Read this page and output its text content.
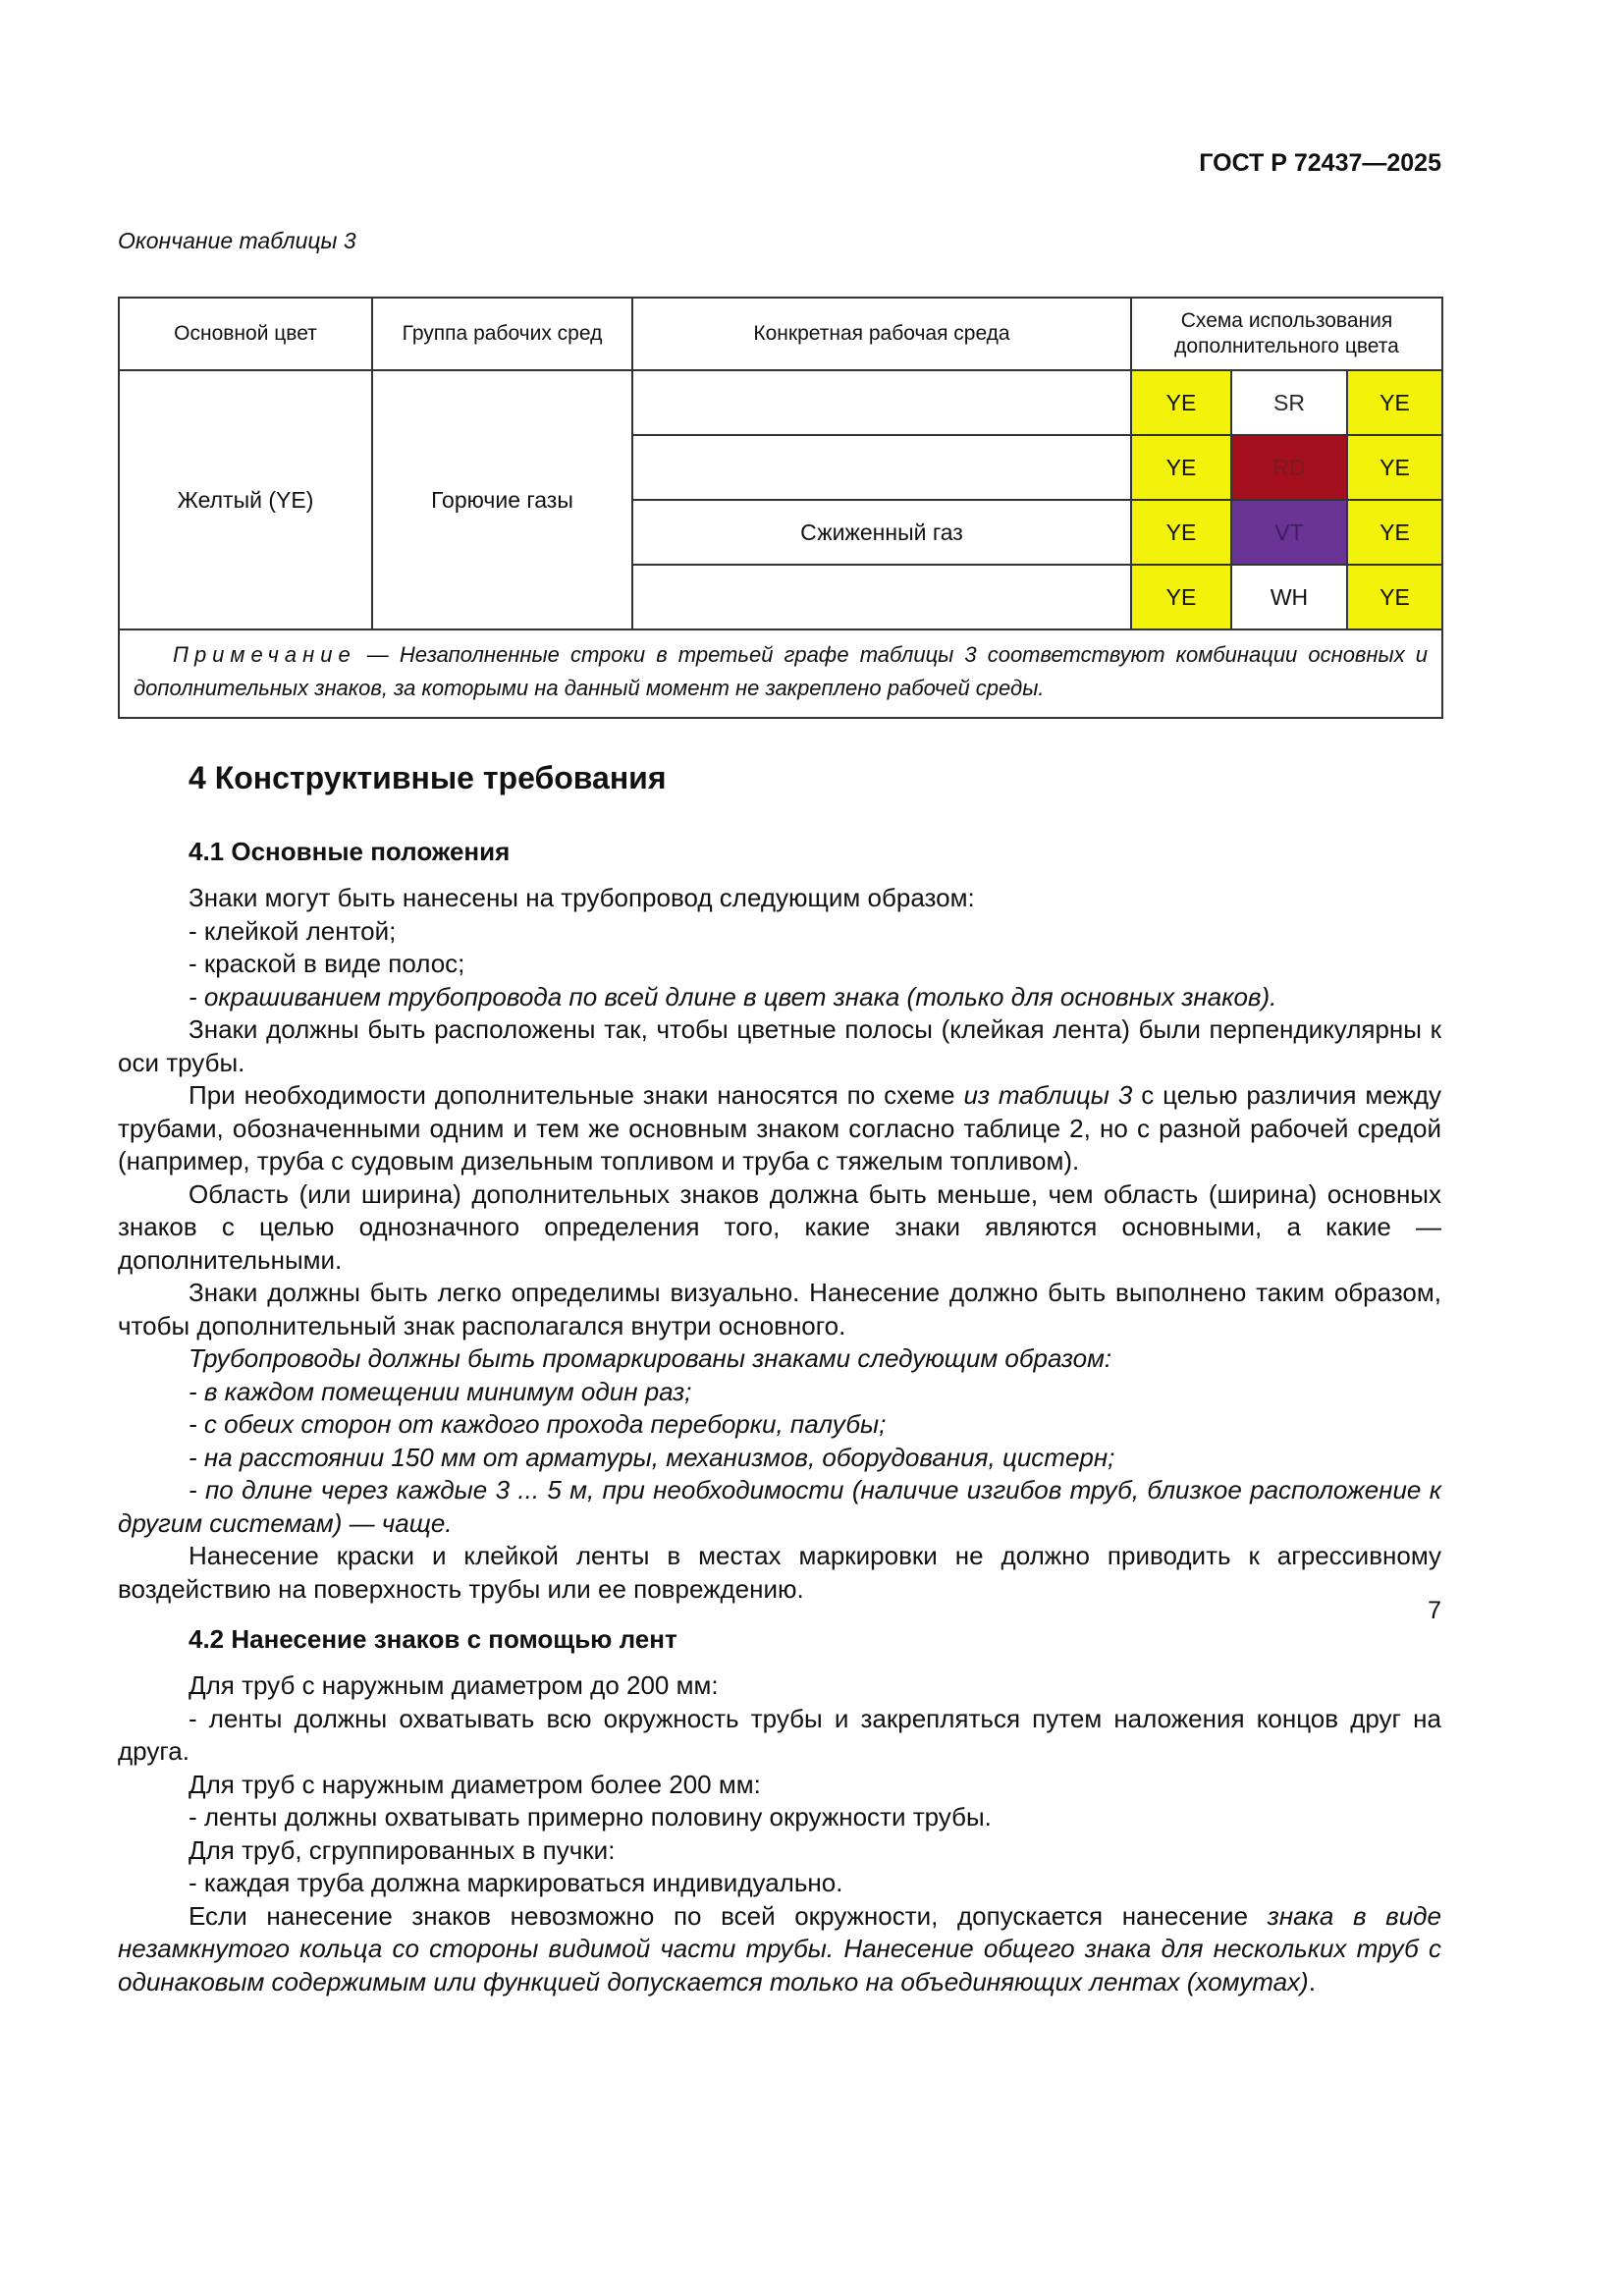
ГОСТ Р 72437—2025
Окончание таблицы 3
Основной цвет	Группа рабочих сред	Конкретная рабочая среда	Схема использования дополнительного цвета		
Желтый (YE)	Горючие газы		YE	SR	YE
			YE	RD	YE
		Сжиженный газ	YE	VT	YE
			YE	WH	YE
Примечание — Незаполненные строки в третьей графе таблицы 3 соответствуют комбинации основных и дополнительных знаков, за которыми на данный момент не закреплено рабочей среды.					
4 Конструктивные требования
4.1 Основные положения

Знаки могут быть нанесены на трубопровод следующим образом:

- клейкой лентой;

- краской в виде полос;

- окрашиванием трубопровода по всей длине в цвет знака (только для основных знаков).

Знаки должны быть расположены так, чтобы цветные полосы (клейкая лента) были перпендикулярны к оси трубы.

При необходимости дополнительные знаки наносятся по схеме из таблицы 3 с целью различия между трубами, обозначенными одним и тем же основным знаком согласно таблице 2, но с разной рабочей средой (например, труба с судовым дизельным топливом и труба с тяжелым топливом).

Область (или ширина) дополнительных знаков должна быть меньше, чем область (ширина) основных знаков с целью однозначного определения того, какие знаки являются основными, а какие — дополнительными.

Знаки должны быть легко определимы визуально. Нанесение должно быть выполнено таким образом, чтобы дополнительный знак располагался внутри основного.

Трубопроводы должны быть промаркированы знаками следующим образом:

- в каждом помещении минимум один раз;

- с обеих сторон от каждого прохода переборки, палубы;

- на расстоянии 150 мм от арматуры, механизмов, оборудования, цистерн;

- по длине через каждые 3 ... 5 м, при необходимости (наличие изгибов труб, близкое расположение к другим системам) — чаще.

Нанесение краски и клейкой ленты в местах маркировки не должно приводить к агрессивному воздействию на поверхность трубы или ее повреждению.

4.2 Нанесение знаков с помощью лент

Для труб с наружным диаметром до 200 мм:

- ленты должны охватывать всю окружность трубы и закрепляться путем наложения концов друг на друга.

Для труб с наружным диаметром более 200 мм:

- ленты должны охватывать примерно половину окружности трубы.

Для труб, сгруппированных в пучки:

- каждая труба должна маркироваться индивидуально.

Если нанесение знаков невозможно по всей окружности, допускается нанесение знака в виде незамкнутого кольца со стороны видимой части трубы. Нанесение общего знака для нескольких труб с одинаковым содержимым или функцией допускается только на объединяющих лентах (хомутах).

7
